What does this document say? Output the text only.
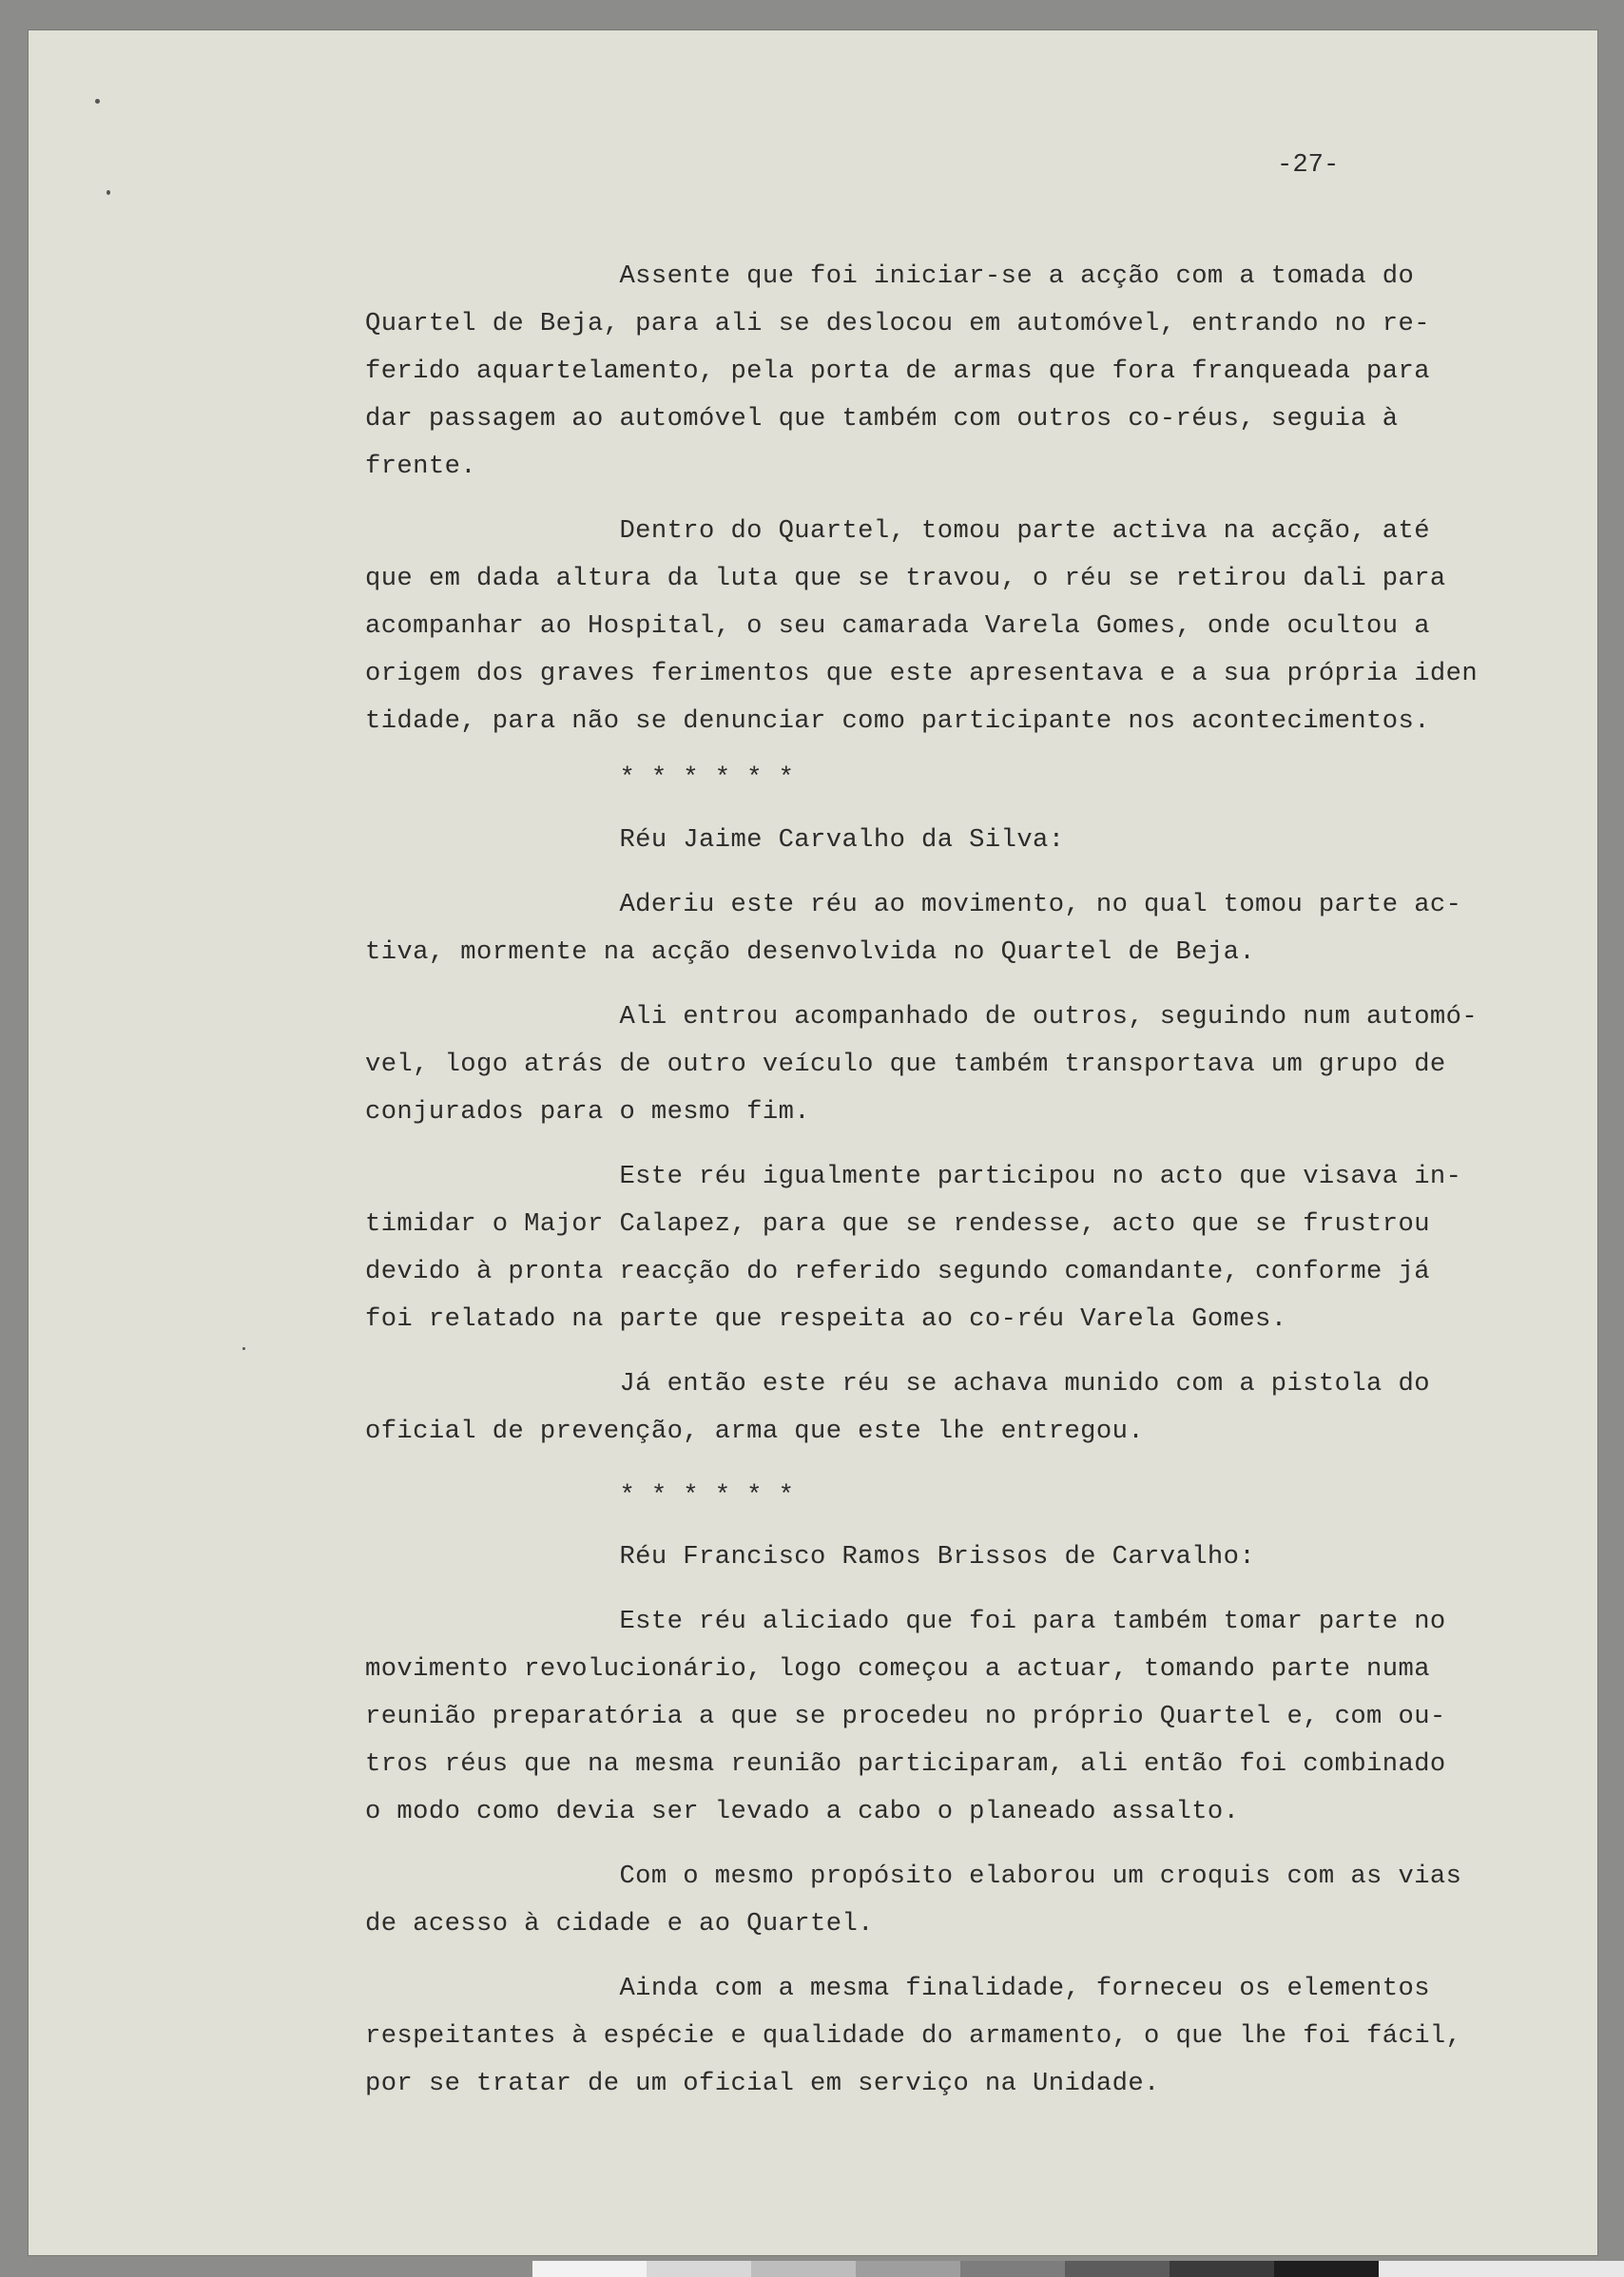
-27-
Assente que foi iniciar-se a acção com a tomada do
Quartel de Beja, para ali se deslocou em automóvel, entrando no re-
ferido aquartelamento, pela porta de armas que fora franqueada para
dar passagem ao automóvel que também com outros co-réus, seguia à
frente.
Dentro do Quartel, tomou parte activa na acção, até
que em dada altura da luta que se travou, o réu se retirou dali para
acompanhar ao Hospital, o seu camarada Varela Gomes, onde ocultou a
origem dos graves ferimentos que este apresentava e a sua própria iden
tidade, para não se denunciar como participante nos acontecimentos.
* * * * * *
Réu Jaime Carvalho da Silva:
Aderiu este réu ao movimento, no qual tomou parte ac-
tiva, mormente na acção desenvolvida no Quartel de Beja.
Ali entrou acompanhado de outros, seguindo num automó-
vel, logo atrás de outro veículo que também transportava um grupo de
conjurados para o mesmo fim.
Este réu igualmente participou no acto que visava in-
timidar o Major Calapez, para que se rendesse, acto que se frustrou
devido à pronta reacção do referido segundo comandante, conforme já
foi relatado na parte que respeita ao co-réu Varela Gomes.
Já então este réu se achava munido com a pistola do
oficial de prevenção, arma que este lhe entregou.
* * * * * *
Réu Francisco Ramos Brissos de Carvalho:
Este réu aliciado que foi para também tomar parte no
movimento revolucionário, logo começou a actuar, tomando parte numa
reunião preparatória a que se procedeu no próprio Quartel e, com ou-
tros réus que na mesma reunião participaram, ali então foi combinado
o modo como devia ser levado a cabo o planeado assalto.
Com o mesmo propósito elaborou um croquis com as vias
de acesso à cidade e ao Quartel.
Ainda com a mesma finalidade, forneceu os elementos
respeitantes à espécie e qualidade do armamento, o que lhe foi fácil,
por se tratar de um oficial em serviço na Unidade.
